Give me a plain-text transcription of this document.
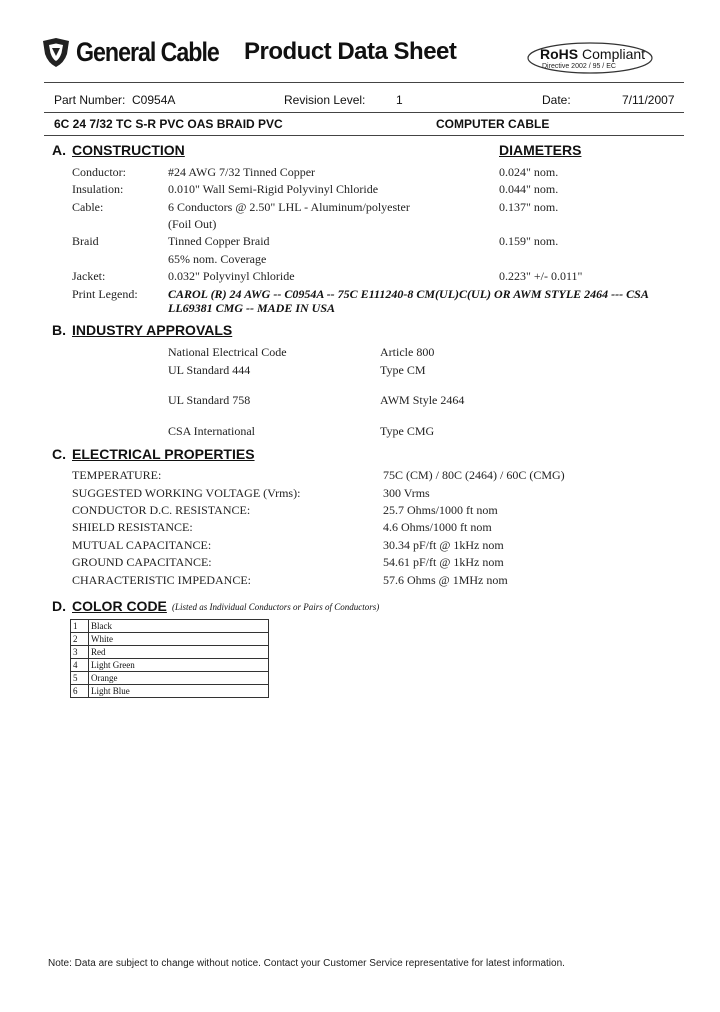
General Cable Product Data Sheet	RoHS Compliant
Directive 2002 / 95 / EC
Part Number: C0954A	Revision Level:	1	Date:	7/11/2007
6C 24 7/32 TC S-R PVC OAS BRAID PVC	COMPUTER CABLE
A. CONSTRUCTION	DIAMETERS
Conductor:	#24 AWG 7/32 Tinned Copper	0.024" nom.
Insulation:	0.010" Wall Semi-Rigid Polyvinyl Chloride	0.044" nom.
Cable:	6 Conductors @ 2.50" LHL - Aluminum/polyester	0.137" nom.
(Foil Out)
Braid	Tinned Copper Braid	0.159" nom.
65% nom. Coverage
Jacket:	0.032" Polyvinyl Chloride	0.223" +/- 0.011"
Print Legend:	CAROL (R) 24 AWG -- C0954A -- 75C E111240-8 CM(UL)C(UL) OR AWM STYLE 2464 --- CSA LL69381 CMG -- MADE IN USA
B. INDUSTRY APPROVALS
National Electrical Code	Article 800
UL Standard 444	Type CM
UL Standard 758	AWM Style 2464
CSA International	Type CMG
C. ELECTRICAL PROPERTIES
TEMPERATURE:	75C (CM) / 80C (2464) / 60C (CMG)
SUGGESTED WORKING VOLTAGE (Vrms):	300 Vrms
CONDUCTOR D.C. RESISTANCE:	25.7 Ohms/1000 ft nom
SHIELD RESISTANCE:	4.6 Ohms/1000 ft nom
MUTUAL CAPACITANCE:	30.34 pF/ft @ 1kHz nom
GROUND CAPACITANCE:	54.61 pF/ft @ 1kHz nom
CHARACTERISTIC IMPEDANCE:	57.6 Ohms @ 1MHz nom
D. COLOR CODE (Listed as Individual Conductors or Pairs of Conductors)
1	Black
2	White
3	Red
4	Light Green
5	Orange
6	Light Blue
Note: Data are subject to change without notice. Contact your Customer Service representative for latest information.
